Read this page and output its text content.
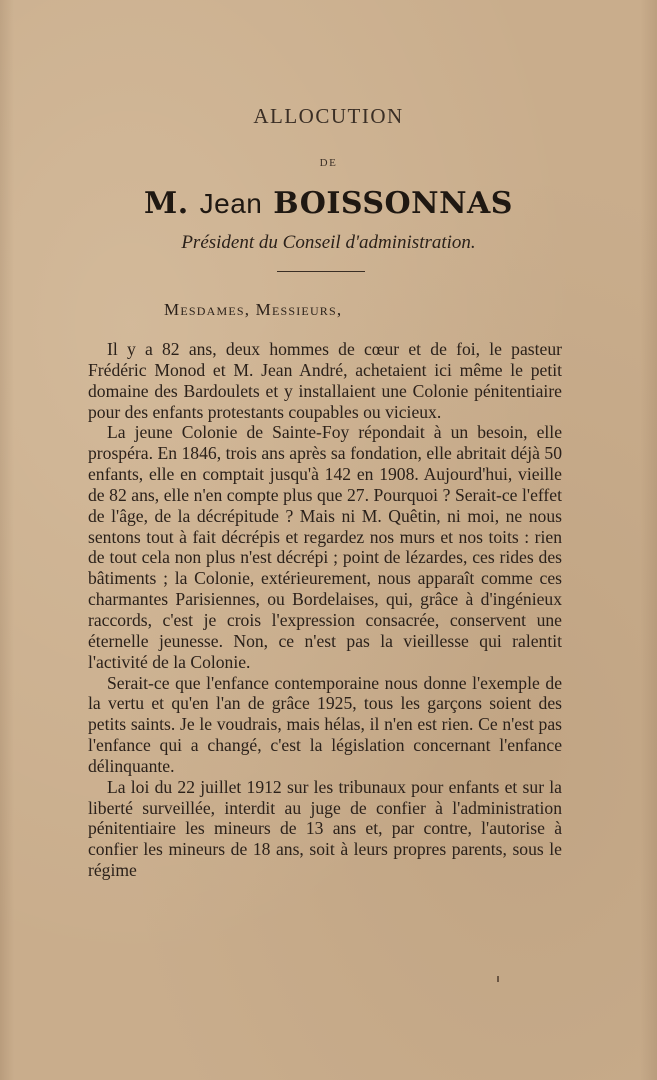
ALLOCUTION
DE
M. Jean BOISSONNAS
Président du Conseil d'administration.
Mesdames, Messieurs,

Il y a 82 ans, deux hommes de cœur et de foi, le pasteur Frédéric Monod et M. Jean André, achetaient ici même le petit domaine des Bardoulets et y installaient une Colonie pénitentiaire pour des enfants protestants coupables ou vicieux.

La jeune Colonie de Sainte-Foy répondait à un besoin, elle prospéra. En 1846, trois ans après sa fondation, elle abritait déjà 50 enfants, elle en comptait jusqu'à 142 en 1908. Aujourd'hui, vieille de 82 ans, elle n'en compte plus que 27. Pourquoi ? Serait-ce l'effet de l'âge, de la décrépitude ? Mais ni M. Quêtin, ni moi, ne nous sentons tout à fait décrépis et regardez nos murs et nos toits : rien de tout cela non plus n'est décrépi ; point de lézardes, ces rides des bâtiments ; la Colonie, extérieurement, nous apparaît comme ces charmantes Parisiennes, ou Bordelaises, qui, grâce à d'ingénieux raccords, c'est je crois l'expression consacrée, conservent une éternelle jeunesse. Non, ce n'est pas la vieillesse qui ralentit l'activité de la Colonie.

Serait-ce que l'enfance contemporaine nous donne l'exemple de la vertu et qu'en l'an de grâce 1925, tous les garçons soient des petits saints. Je le voudrais, mais hélas, il n'en est rien. Ce n'est pas l'enfance qui a changé, c'est la législation concernant l'enfance délinquante.

La loi du 22 juillet 1912 sur les tribunaux pour enfants et sur la liberté surveillée, interdit au juge de confier à l'administration pénitentiaire les mineurs de 13 ans et, par contre, l'autorise à confier les mineurs de 18 ans, soit à leurs propres parents, sous le régime
